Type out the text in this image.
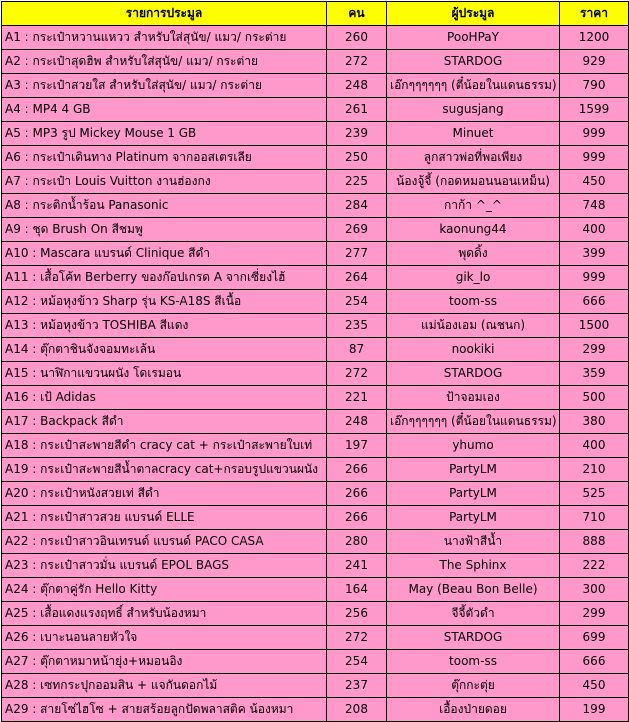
รายการประมูล	คน	ผู้ประมูล	ราคา
A1 : กระเป๋าหวานแหวว สำหรับใส่สุนัข/ แมว/ กระต่าย	260	PooHPaY	1200
A2 : กระเป๋าสุดฮิพ สำหรับใส่สุนัข/ แมว/ กระต่าย	272	STARDOG	929
A3 : กระเป๋าสวยใส สำหรับใส่สุนัข/ แมว/ กระต่าย	248	เอ๊กๆๆๆๆๆๆ (ตี๋น้อยในแดนธรรม)	790
A4 : MP4 4 GB	261	sugusjang	1599
A5 : MP3 รูป Mickey Mouse 1 GB	239	Minuet	999
A6 : กระเป๋าเดินทาง Platinum จากออสเตรเลีย	250	ลูกสาวพ่อที่พอเพียง	999
A7 : กระเป๋า Louis Vuitton งานฮ่องกง	225	น้องจู้จี้ (กอดหมอนนอนเหม็น)	450
A8 : กระติกน้ำร้อน Panasonic	284	กาก้า ^_^	748
A9 : ชุด Brush On สีชมพู	269	kaonung44	400
A10 : Mascara แบรนด์ Clinique สีดำ	277	พุดดิ้ง	399
A11 : เสื้อโค้ท Berberry ของก๊อปเกรด A จากเซี่ยงไฮ้	264	gik_lo	999
A12 : หม้อหุงข้าว Sharp รุ่น KS-A18S สีเนื้อ	254	toom-ss	666
A13 : หม้อหุงข้าว TOSHIBA สีแดง	235	แม่น้องเอม (ณชนก)	1500
A14 : ตุ๊กตาชินจังจอมทะเล้น	87	nookiki	299
A15 : นาฬิกาแขวนผนัง โดเรมอน	272	STARDOG	359
A16 : เป้ Adidas	221	ป้าจอมเอง	500
A17 : Backpack สีดำ	248	เอ๊กๆๆๆๆๆๆ (ตี๋น้อยในแดนธรรม)	380
A18 : กระเป๋าสะพายสีดำ cracy cat + กระเป๋าสะพายใบเท่	197	yhumo	400
A19 : กระเป๋าสะพายสีน้ำตาลcracy cat+กรอบรูปแขวนผนัง	266	PartyLM	210
A20 : กระเป๋าหนังสวยเท่ สีดำ	266	PartyLM	525
A21 : กระเป๋าสาวสวย แบรนด์ ELLE	266	PartyLM	710
A22 : กระเป๋าสาวอินเทรนด์ แบรนด์ PACO CASA	280	นางฟ้าสีน้ำ	888
A23 : กระเป๋าสาวมั่น แบรนด์ EPOL BAGS	241	The Sphinx	222
A24 : ตุ๊กตาคู่รัก Hello Kitty	164	May (Beau Bon Belle)	300
A25 : เสื้อแดงแรงฤทธิ์ สำหรับน้องหมา	256	จีจี้ตัวดำ	299
A26 : เบาะนอนลายหัวใจ	272	STARDOG	699
A27 : ตุ๊กตาหมาหน้ายุ่ง+หมอนอิง	254	toom-ss	666
A28 : เซทกระปุกออมสิน + แจกันดอกไม้	237	ตุ๊กกะตุ่ย	450
A29 : สายโซ่ไฮโซ + สายสร้อยลูกปัดพลาสติค น้องหมา	208	เอื้องป่ายดอย	199
